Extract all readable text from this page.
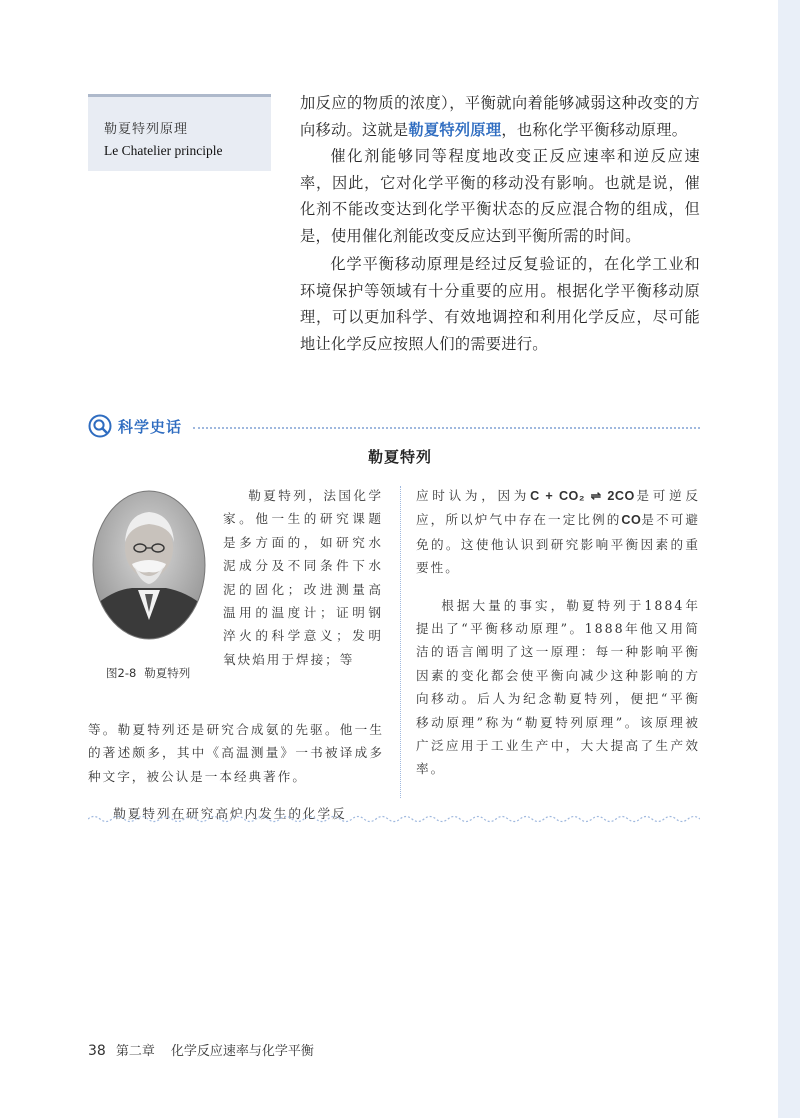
勒夏特列原理
Le Chatelier principle

加反应的物质的浓度），平衡就向着能够减弱这种改变的方向移动。这就是勒夏特列原理，也称化学平衡移动原理。

催化剂能够同等程度地改变正反应速率和逆反应速率，因此，它对化学平衡的移动没有影响。也就是说，催化剂不能改变达到化学平衡状态的反应混合物的组成，但是，使用催化剂能改变反应达到平衡所需的时间。

化学平衡移动原理是经过反复验证的，在化学工业和环境保护等领域有十分重要的应用。根据化学平衡移动原理，可以更加科学、有效地调控和利用化学反应，尽可能地让化学反应按照人们的需要进行。

科学史话
勒夏特列
图2-8 勒夏特列

勒夏特列，法国化学家。他一生的研究课题是多方面的，如研究水泥成分及不同条件下水泥的固化；改进测量高温用的温度计；证明钢淬火的科学意义；发明氧炔焰用于焊接；等

等。勒夏特列还是研究合成氨的先驱。他一生的著述颇多，其中《高温测量》一书被译成多种文字，被公认是一本经典著作。

勒夏特列在研究高炉内发生的化学反

应时认为，因为C + CO₂ ⇌ 2CO是可逆反应，所以炉气中存在一定比例的CO是不可避免的。这使他认识到研究影响平衡因素的重要性。

根据大量的事实，勒夏特列于1884年提出了“平衡移动原理”。1888年他又用简洁的语言阐明了这一原理：每一种影响平衡因素的变化都会使平衡向减少这种影响的方向移动。后人为纪念勒夏特列，便把“平衡移动原理”称为“勒夏特列原理”。该原理被广泛应用于工业生产中，大大提高了生产效率。

38 第二章 化学反应速率与化学平衡
